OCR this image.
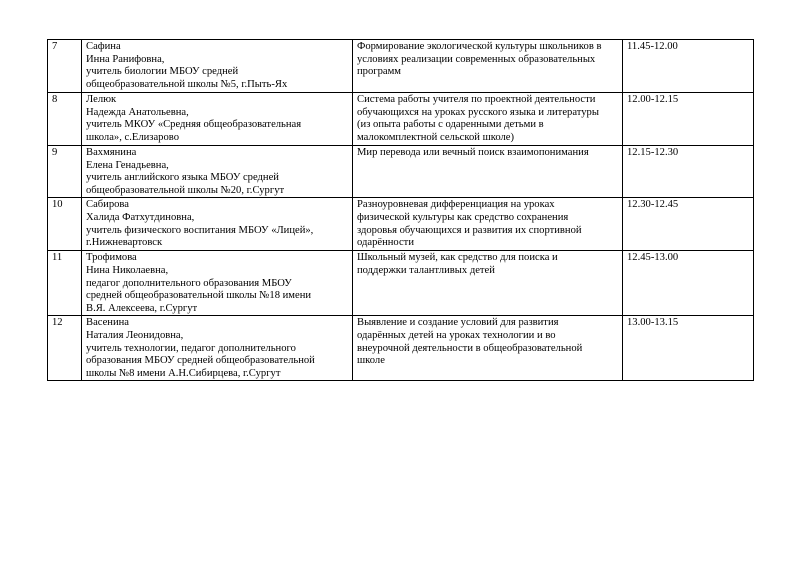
7	Сафина
Инна Ранифовна,
учитель биологии МБОУ средней
общеобразовательной школы №5, г.Пыть-Ях	Формирование экологической культуры школьников в
условиях реализации современных образовательных
программ	11.45-12.00
8	Лелюк
Надежда Анатольевна,
учитель МКОУ «Средняя общеобразовательная
школа», с.Елизарово	Система работы учителя по проектной деятельности
обучающихся на уроках русского языка и литературы
(из опыта работы с одаренными детьми в
малокомплектной сельской школе)	12.00-12.15
9	Вахмянина
Елена Генадьевна,
учитель английского языка МБОУ средней
общеобразовательной школы №20, г.Сургут	Мир перевода или вечный поиск взаимопонимания	12.15-12.30
10	Сабирова
Халида Фатхутдиновна,
учитель физического воспитания МБОУ «Лицей»,
г.Нижневартовск	Разноуровневая дифференциация на уроках
физической культуры как средство сохранения
здоровья обучающихся и развития их спортивной
одарённости	12.30-12.45
11	Трофимова
Нина Николаевна,
педагог дополнительного образования МБОУ
средней общеобразовательной школы №18 имени
В.Я. Алексеева, г.Сургут	Школьный музей, как средство для поиска и
поддержки талантливых детей	12.45-13.00
12	Васенина
Наталия Леонидовна,
учитель технологии, педагог дополнительного
образования МБОУ средней общеобразовательной
школы №8 имени А.Н.Сибирцева, г.Сургут	Выявление и создание условий для развития
одарённых детей на уроках технологии и во
внеурочной деятельности в общеобразовательной
школе	13.00-13.15
